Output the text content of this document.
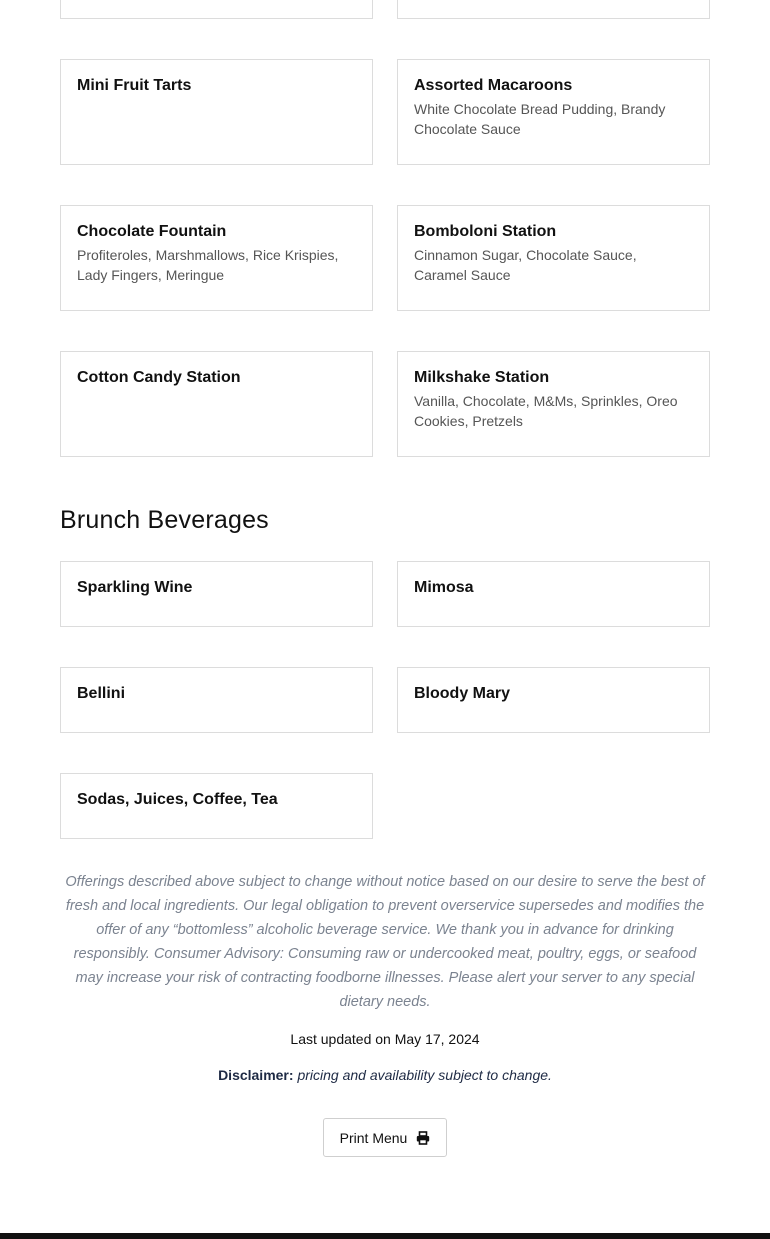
Mini Fruit Tarts	Assorted Macaroons
White Chocolate Bread Pudding, Brandy Chocolate Sauce
Chocolate Fountain
Profiteroles, Marshmallows, Rice Krispies, Lady Fingers, Meringue
Bomboloni Station
Cinnamon Sugar, Chocolate Sauce, Caramel Sauce
Cotton Candy Station	Milkshake Station
Vanilla, Chocolate, M&Ms, Sprinkles, Oreo Cookies, Pretzels
Brunch Beverages
Sparkling Wine	Mimosa
Bellini	Bloody Mary
Sodas, Juices, Coffee, Tea

Offerings described above subject to change without notice based on our desire to serve the best of fresh and local ingredients. Our legal obligation to prevent overservice supersedes and modifies the offer of any “bottomless” alcoholic beverage service. We thank you in advance for drinking responsibly. Consumer Advisory: Consuming raw or undercooked meat, poultry, eggs, or seafood may increase your risk of contracting foodborne illnesses. Please alert your server to any special dietary needs.

Last updated on May 17, 2024
Disclaimer: pricing and availability subject to change.
Print Menu
